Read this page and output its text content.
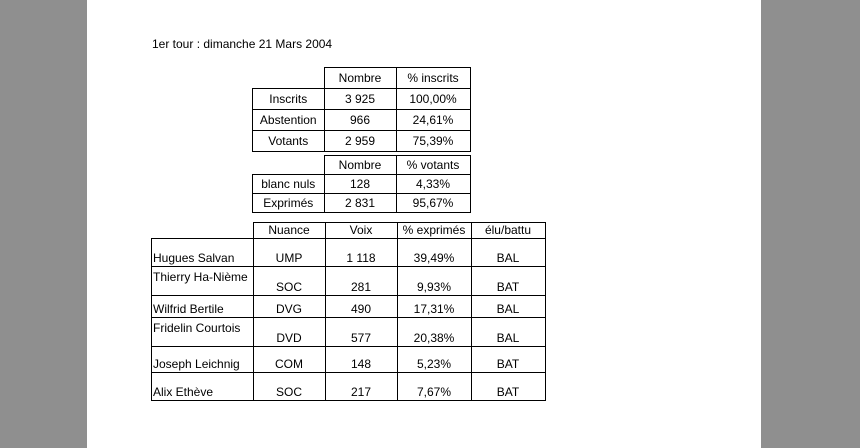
1er tour : dimanche 21 Mars 2004
	Nombre	% inscrits
Inscrits	3 925	100,00%
Abstention	966	24,61%
Votants	2 959	75,39%
	Nombre	% votants
blanc nuls	128	4,33%
Exprimés	2 831	95,67%
	Nuance	Voix	% exprimés	élu/battu
Hugues Salvan	UMP	1 118	39,49%	BAL
Thierry Ha-Nième	SOC	281	9,93%	BAT
Wilfrid Bertile	DVG	490	17,31%	BAL
Fridelin Courtois	DVD	577	20,38%	BAL
Joseph Leichnig	COM	148	5,23%	BAT
Alix Ethève	SOC	217	7,67%	BAT
